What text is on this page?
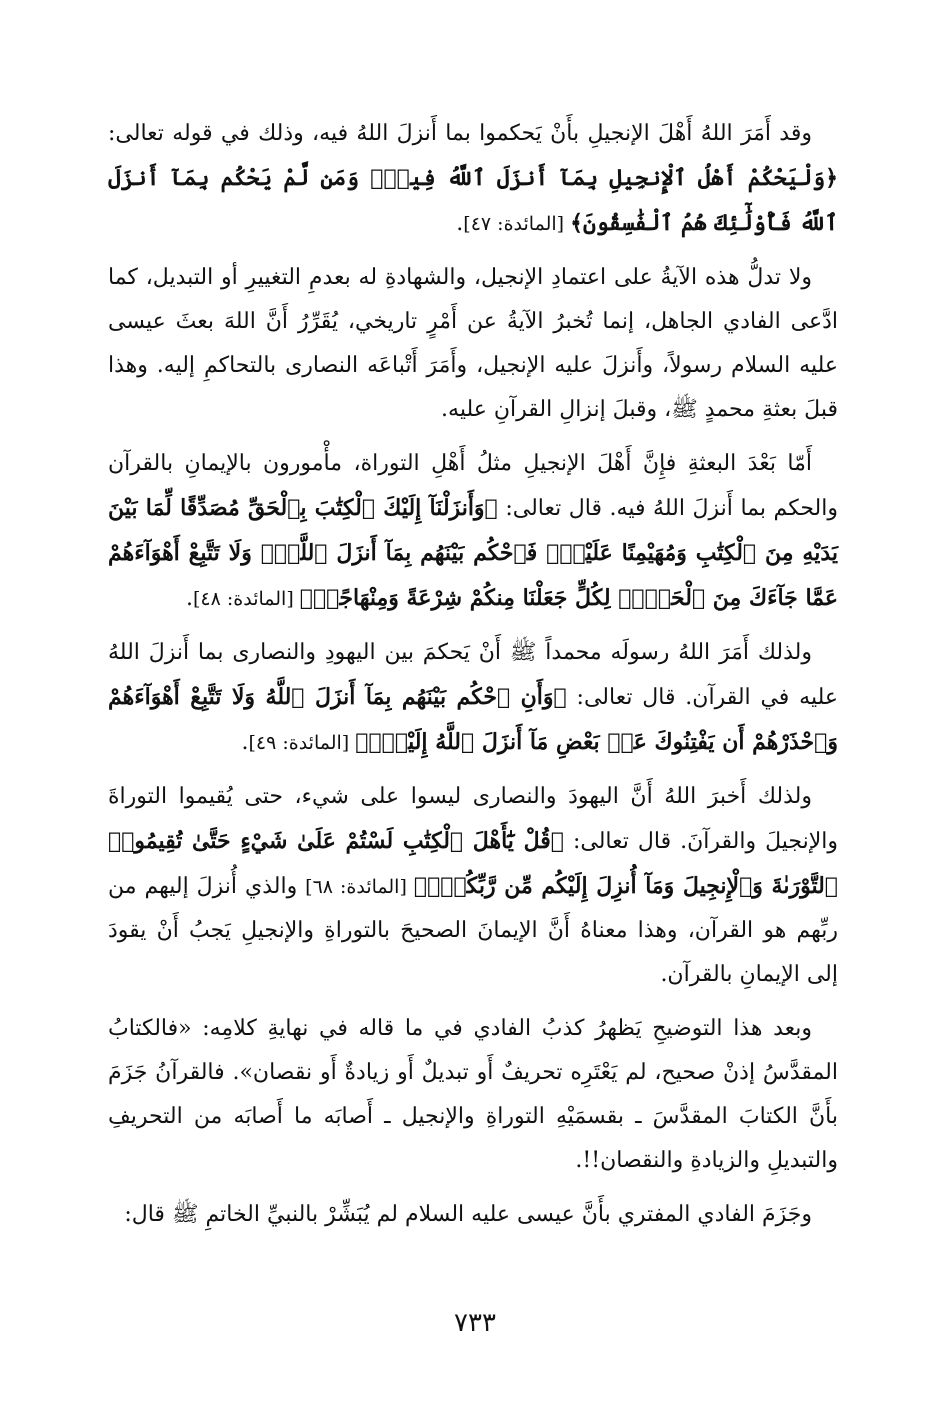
وقد أَمَرَ اللهُ أَهْلَ الإنجيلِ بأَنْ يَحكموا بما أَنزلَ اللهُ فيه، وذلك في قوله تعالى: ﴿وَلْيَحْكُمْ أَهْلُ ٱلْإِنجِيلِ بِمَآ أَنزَلَ ٱللَّهُ فِيهِۚ وَمَن لَّمْ يَحْكُم بِمَآ أَنزَلَ ٱللَّهُ فَأُوْلَٰٓئِكَ هُمُ ٱلْفَٰسِقُونَ﴾ [المائدة: ٤٧].

ولا تدلُّ هذه الآيةُ على اعتمادِ الإنجيل، والشهادةِ له بعدمِ التغييرِ أو التبديل، كما ادَّعى الفادي الجاهل، إنما تُخبرُ الآيةُ عن أَمْرٍ تاريخي، يُقَرِّرُ أَنَّ اللهَ بعثَ عيسى عليه السلام رسولاً، وأَنزلَ عليه الإنجيل، وأَمَرَ أَتْباعَه النصارى بالتحاكمِ إليه. وهذا قبلَ بعثةِ محمدٍ ﷺ، وقبلَ إنزالِ القرآنِ عليه.

أَمّا بَعْدَ البعثةِ فإِنَّ أَهْلَ الإنجيلِ مثلُ أَهْلِ التوراة، مأْمورون بالإيمانِ بالقرآن والحكم بما أَنزلَ اللهُ فيه. قال تعالى: ﴿وَأَنزَلْنَآ إِلَيْكَ ٱلْكِتَٰبَ بِٱلْحَقِّ مُصَدِّقًا لِّمَا بَيْنَ يَدَيْهِ مِنَ ٱلْكِتَٰبِ وَمُهَيْمِنًا عَلَيْهِۖ فَٱحْكُم بَيْنَهُم بِمَآ أَنزَلَ ٱللَّهُۖ وَلَا تَتَّبِعْ أَهْوَآءَهُمْ عَمَّا جَآءَكَ مِنَ ٱلْحَقِّۚ لِكُلٍّ جَعَلْنَا مِنكُمْ شِرْعَةً وَمِنْهَاجًاۚ﴾ [المائدة: ٤٨].

ولذلك أَمَرَ اللهُ رسولَه محمداً ﷺ أَنْ يَحكمَ بين اليهودِ والنصارى بما أَنزلَ اللهُ عليه في القرآن. قال تعالى: ﴿وَأَنِ ٱحْكُم بَيْنَهُم بِمَآ أَنزَلَ ٱللَّهُ وَلَا تَتَّبِعْ أَهْوَآءَهُمْ وَٱحْذَرْهُمْ أَن يَفْتِنُوكَ عَنۢ بَعْضِ مَآ أَنزَلَ ٱللَّهُ إِلَيْكَۖ﴾ [المائدة: ٤٩].

ولذلك أَخبرَ اللهُ أَنَّ اليهودَ والنصارى ليسوا على شيء، حتى يُقيموا التوراةَ والإنجيلَ والقرآنَ. قال تعالى: ﴿قُلْ يَٰٓأَهْلَ ٱلْكِتَٰبِ لَسْتُمْ عَلَىٰ شَيْءٍ حَتَّىٰ تُقِيمُوا۟ ٱلتَّوْرَىٰةَ وَٱلْإِنجِيلَ وَمَآ أُنزِلَ إِلَيْكُم مِّن رَّبِّكُمْۗ﴾ [المائدة: ٦٨] والذي أُنزلَ إليهم من ربِّهم هو القرآن، وهذا معناهُ أَنَّ الإيمانَ الصحيحَ بالتوراةِ والإنجيلِ يَجبُ أَنْ يقودَ إلى الإيمانِ بالقرآن.

وبعد هذا التوضيحِ يَظهرُ كذبُ الفادي في ما قاله في نهايةِ كلامِه: «فالكتابُ المقدَّسُ إذنْ صحيح، لم يَعْتَرِه تحريفٌ أَو تبديلٌ أَو زيادةٌ أَو نقصان». فالقرآنُ جَزَمَ بأَنَّ الكتابَ المقدَّسَ ـ بقسمَيْهِ التوراةِ والإنجيل ـ أَصابَه ما أَصابَه من التحريفِ والتبديلِ والزيادةِ والنقصان!!.

وجَزَمَ الفادي المفتري بأَنَّ عيسى عليه السلام لم يُبَشِّرْ بالنبيِّ الخاتمِ ﷺ قال:

٧٣٣
